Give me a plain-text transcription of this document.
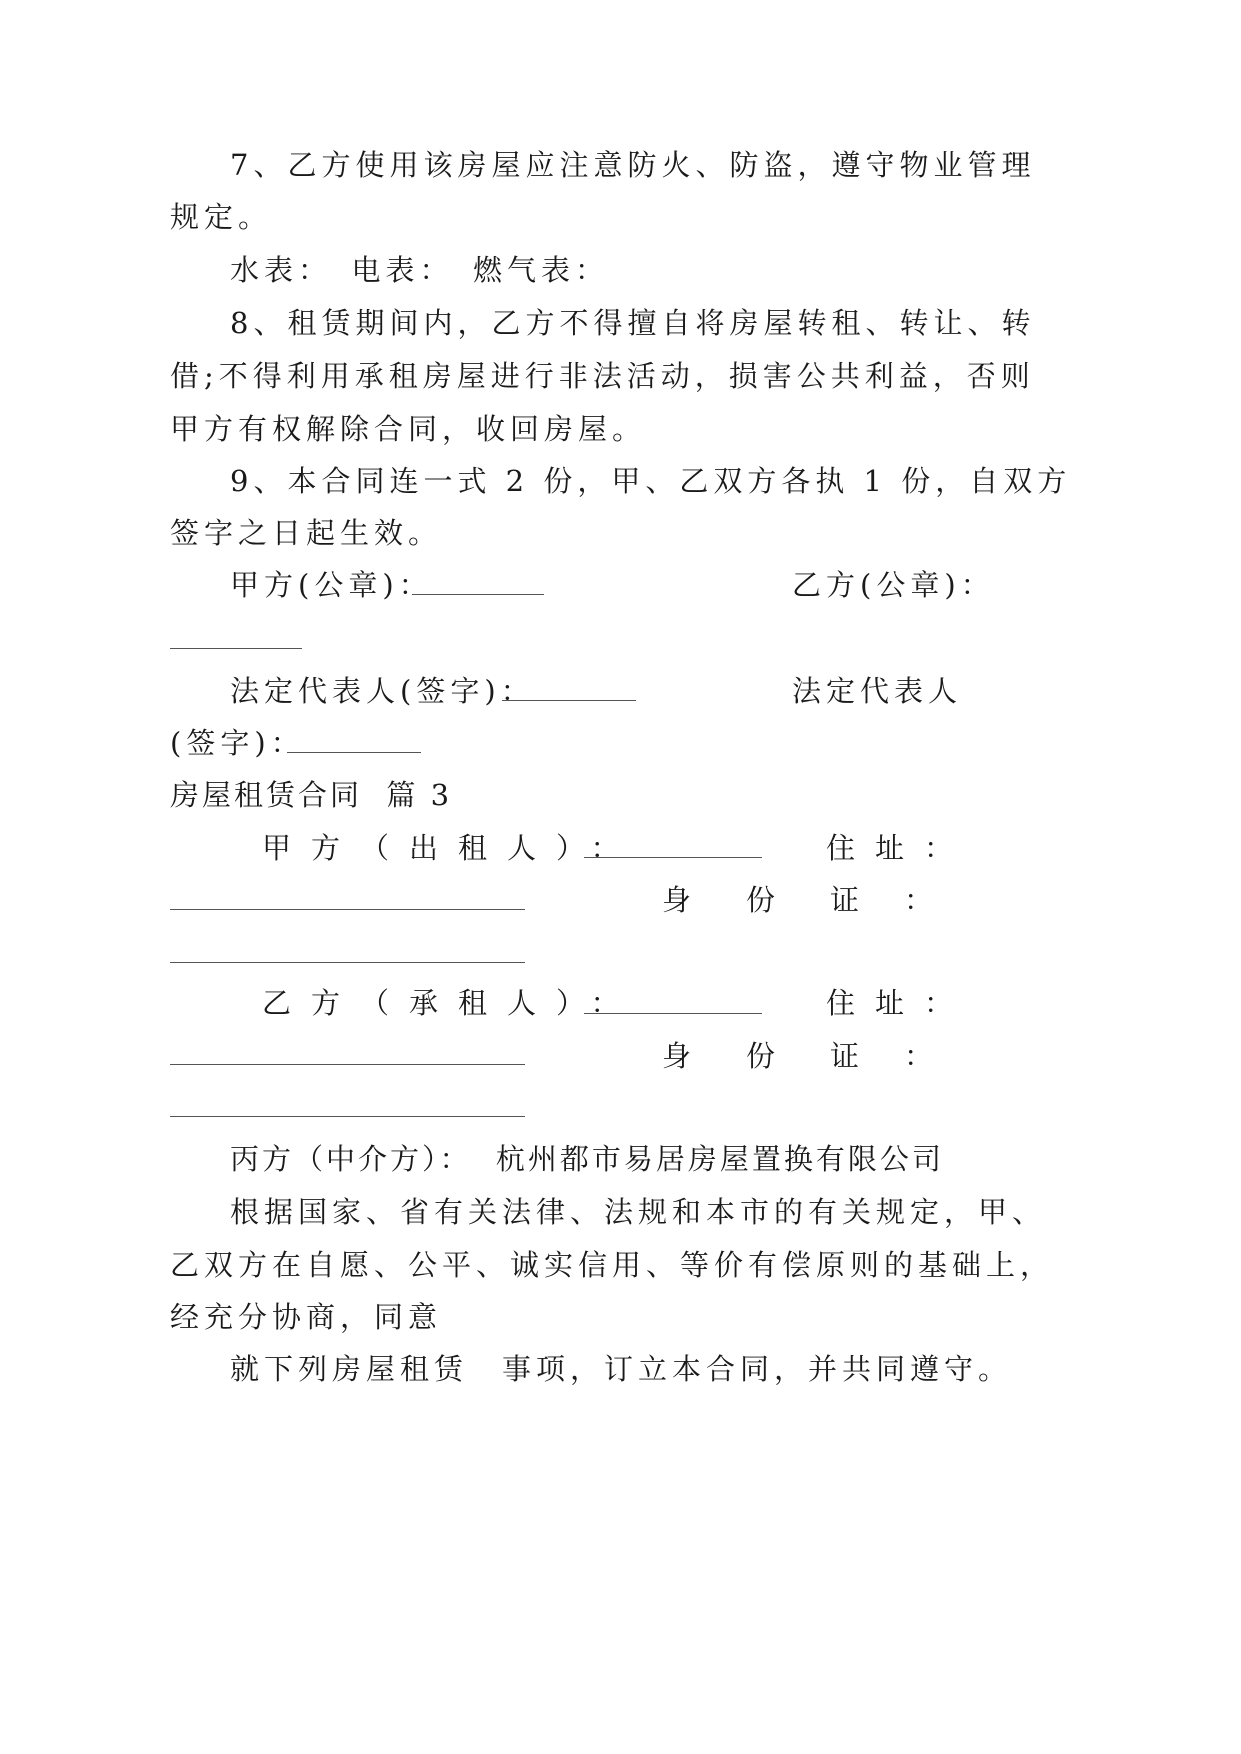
7、乙方使用该房屋应注意防火、防盗，遵守物业管理

规定。

水表：　电表：　燃气表：

8、租赁期间内，乙方不得擅自将房屋转租、转让、转

借;不得利用承租房屋进行非法活动，损害公共利益，否则

甲方有权解除合同，收回房屋。

9、本合同连一式 2 份，甲、乙双方各执 1 份，自双方

签字之日起生效。

甲方(公章)：	乙方(公章)：

法定代表人(签字)：	法定代表人

(签字)：

房屋租赁合同  篇 3

甲方（出租人）：	住址：

身 份 证 ：

乙方（承租人）：	住址：

身 份 证 ：

丙方（中介方）：  杭州都市易居房屋置换有限公司

根据国家、省有关法律、法规和本市的有关规定，甲、

乙双方在自愿、公平、诚实信用、等价有偿原则的基础上，

经充分协商，同意

就下列房屋租赁　事项，订立本合同，并共同遵守。
